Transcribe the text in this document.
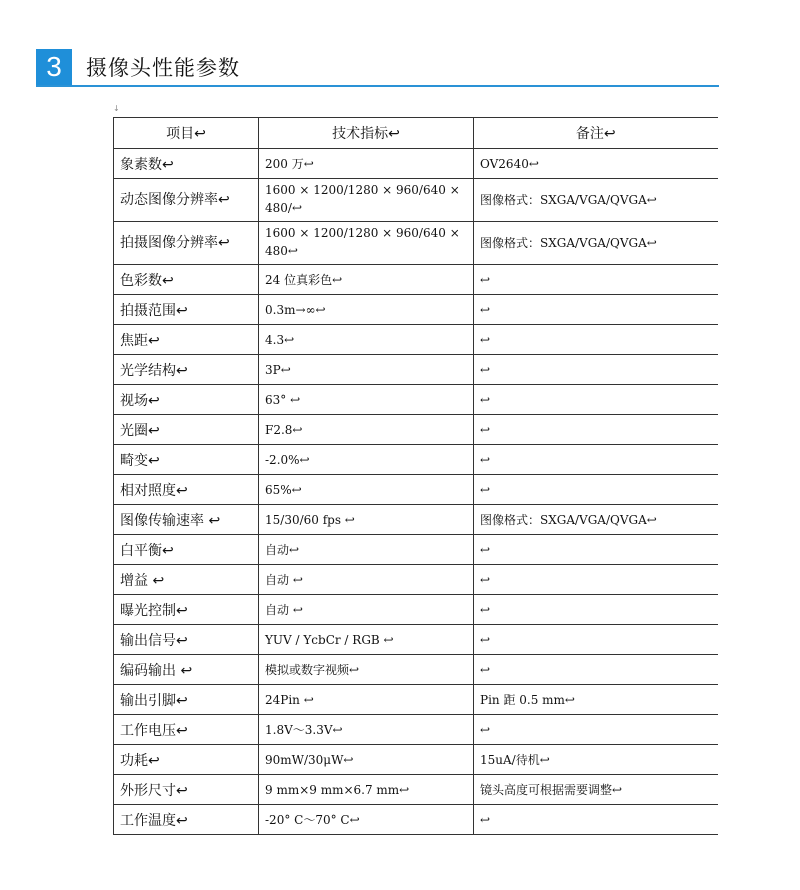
3	摄像头性能参数
↓
项目↩	技术指标↩	备注↩
象素数↩	200 万↩	OV2640↩
动态图像分辨率↩	1600 × 1200/1280 × 960/640 × 480/↩	图像格式：SXGA/VGA/QVGA↩
拍摄图像分辨率↩	1600 × 1200/1280 × 960/640 × 480↩	图像格式：SXGA/VGA/QVGA↩
色彩数↩	24 位真彩色↩	↩
拍摄范围↩	0.3m→∞↩	↩
焦距↩	4.3↩	↩
光学结构↩	3P↩	↩
视场↩	63° ↩	↩
光圈↩	F2.8↩	↩
畸变↩	-2.0%↩	↩
相对照度↩	65%↩	↩
图像传输速率 ↩	15/30/60 fps ↩	图像格式：SXGA/VGA/QVGA↩
白平衡↩	自动↩	↩
增益 ↩	自动 ↩	↩
曝光控制↩	自动 ↩	↩
输出信号↩	YUV / YcbCr / RGB ↩	↩
编码输出 ↩	模拟或数字视频↩	↩
输出引脚↩	24Pin ↩	Pin 距 0.5 mm↩
工作电压↩	1.8V～3.3V↩	↩
功耗↩	90mW/30μW↩	15uA/待机↩
外形尺寸↩	9 mm×9 mm×6.7 mm↩	镜头高度可根据需要调整↩
工作温度↩	-20° C～70° C↩	↩
